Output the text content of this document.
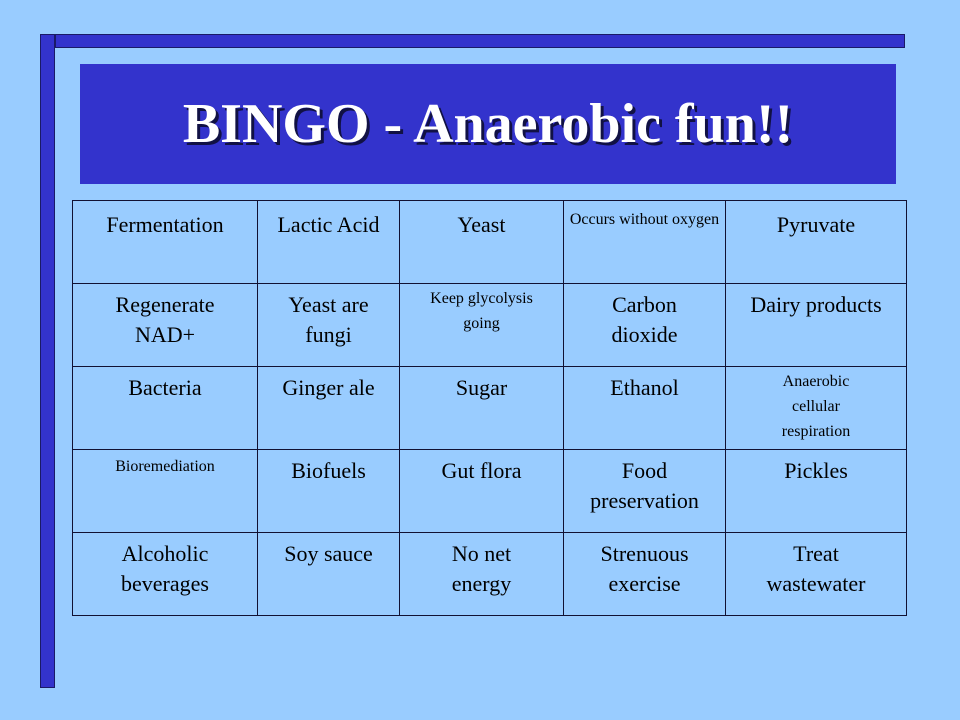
BINGO - Anaerobic fun!!
Fermentation	Lactic Acid	Yeast	Occurs without oxygen	Pyruvate
Regenerate NAD+	Yeast are fungi	Keep glycolysis going	Carbon dioxide	Dairy products
Bacteria	Ginger ale	Sugar	Ethanol	Anaerobic cellular respiration
Bioremediation	Biofuels	Gut flora	Food preservation	Pickles
Alcoholic beverages	Soy sauce	No net energy	Strenuous exercise	Treat wastewater
